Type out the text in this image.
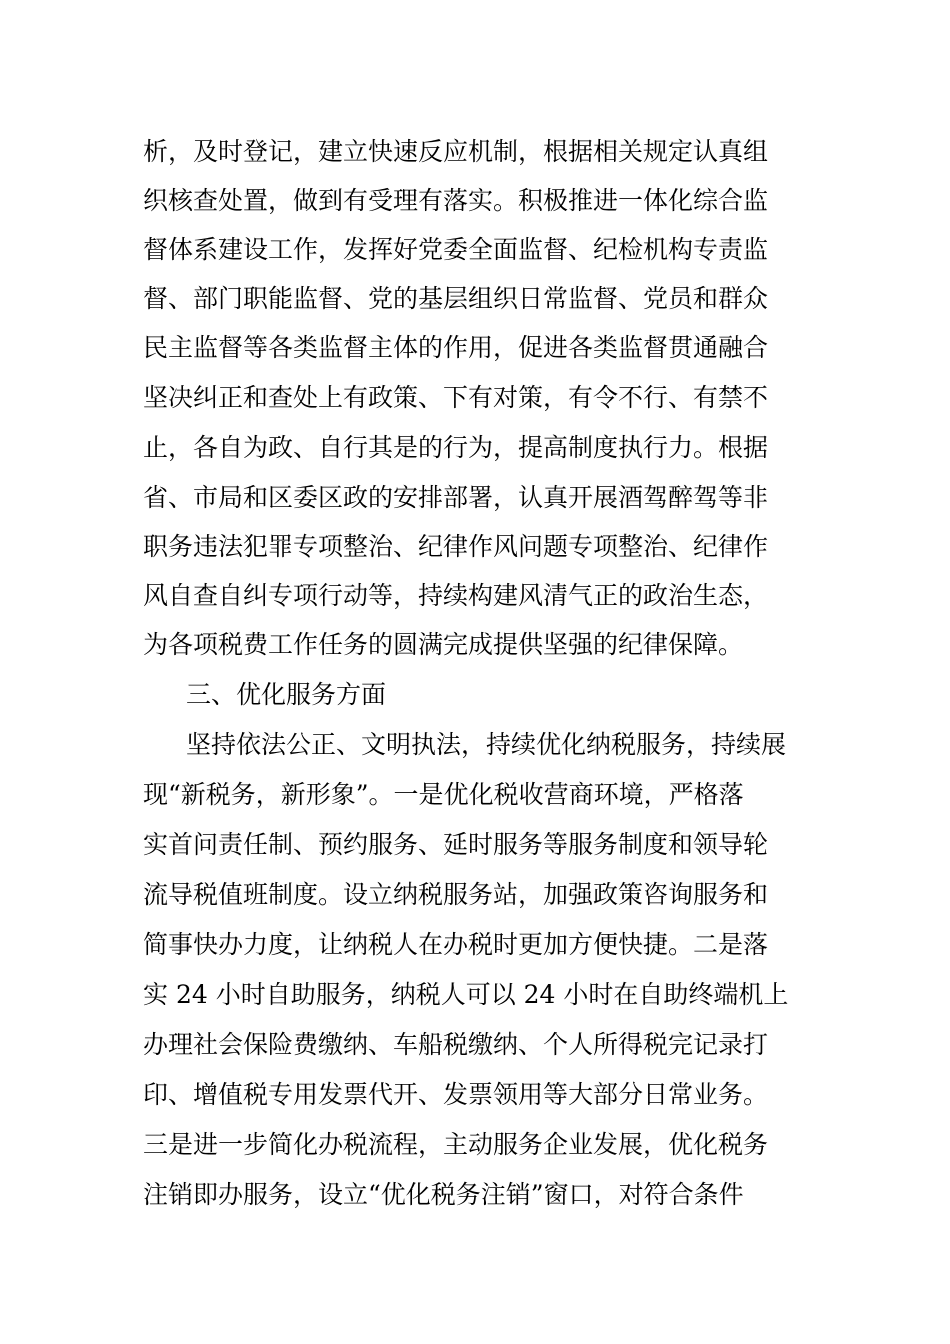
析，及时登记，建立快速反应机制，根据相关规定认真组
织核查处置，做到有受理有落实。积极推进一体化综合监
督体系建设工作，发挥好党委全面监督、纪检机构专责监
督、部门职能监督、党的基层组织日常监督、党员和群众
民主监督等各类监督主体的作用，促进各类监督贯通融合
坚决纠正和查处上有政策、下有对策，有令不行、有禁不
止，各自为政、自行其是的行为，提高制度执行力。根据
省、市局和区委区政的安排部署，认真开展酒驾醉驾等非
职务违法犯罪专项整治、纪律作风问题专项整治、纪律作
风自查自纠专项行动等，持续构建风清气正的政治生态，
为各项税费工作任务的圆满完成提供坚强的纪律保障。
三、优化服务方面
坚持依法公正、文明执法，持续优化纳税服务，持续展
现“新税务，新形象”。一是优化税收营商环境，严格落
实首问责任制、预约服务、延时服务等服务制度和领导轮
流导税值班制度。设立纳税服务站，加强政策咨询服务和
简事快办力度，让纳税人在办税时更加方便快捷。二是落
实 24 小时自助服务，纳税人可以 24 小时在自助终端机上
办理社会保险费缴纳、车船税缴纳、个人所得税完记录打
印、增值税专用发票代开、发票领用等大部分日常业务。
三是进一步简化办税流程，主动服务企业发展，优化税务
注销即办服务，设立“优化税务注销”窗口，对符合条件
